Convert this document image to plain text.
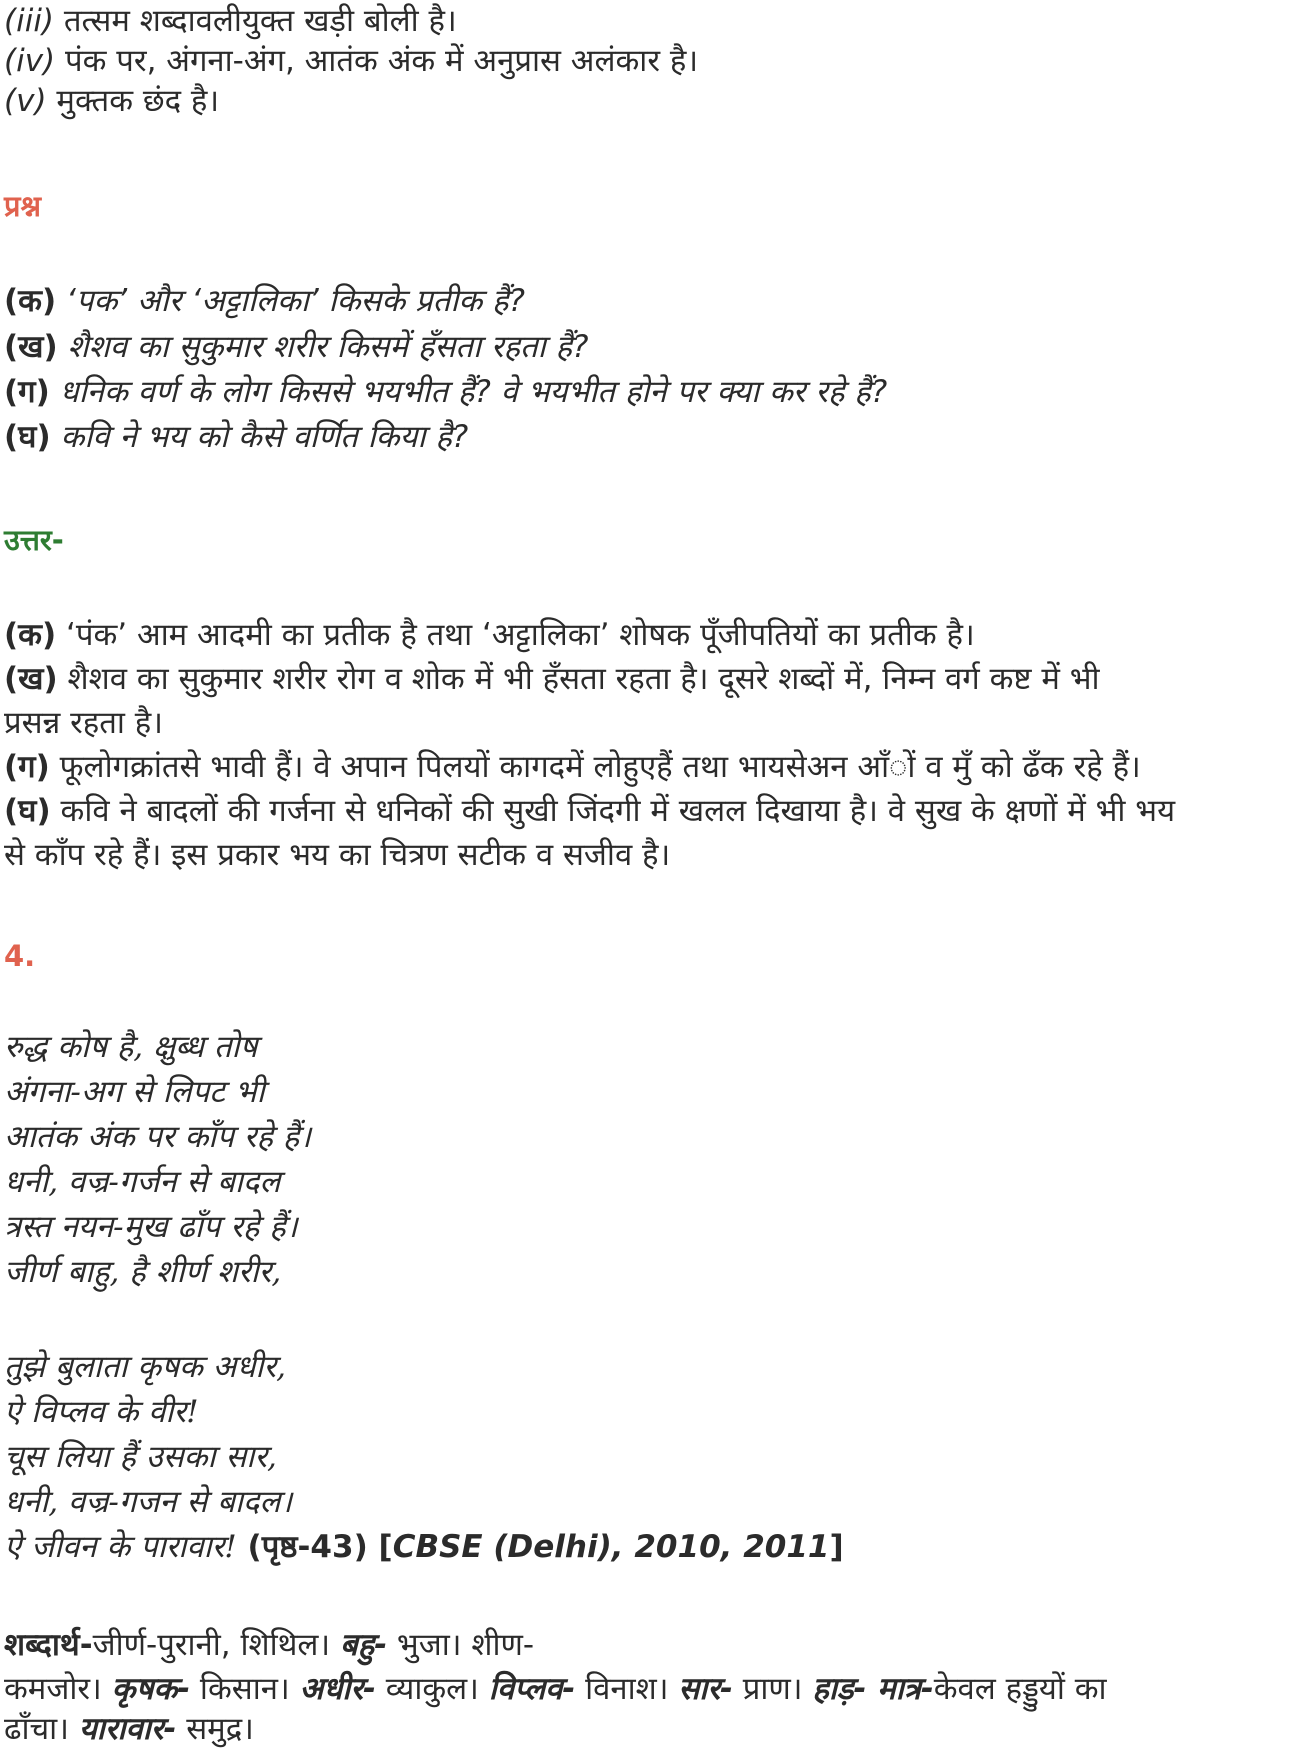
(iii) तत्सम शब्दावलीयुक्त खड़ी बोली है।
(iv) पंक पर, अंगना-अंग, आतंक अंक में अनुप्रास अलंकार है।
(v) मुक्तक छंद है।
प्रश्न
(क) ‘पक’ और ‘अट्टालिका’ किसके प्रतीक हैं?
(ख) शैशव का सुकुमार शरीर किसमें हँसता रहता हैं?
(ग) धनिक वर्ण के लोग किससे भयभीत हैं? वे भयभीत होने पर क्या कर रहे हैं?
(घ) कवि ने भय को कैसे वर्णित किया है?
उत्तर-
(क) ‘पंक’ आम आदमी का प्रतीक है तथा ‘अट्टालिका’ शोषक पूँजीपतियों का प्रतीक है।
(ख) शैशव का सुकुमार शरीर रोग व शोक में भी हँसता रहता है। दूसरे शब्दों में, निम्न वर्ग कष्ट में भी
प्रसन्न रहता है।
(ग) फूलोगक्रांतसे भावी हैं। वे अपान पिलयों कागदमें लोहुएहैं तथा भायसेअन आँों व मुँ को ढँक रहे हैं।
(घ) कवि ने बादलों की गर्जना से धनिकों की सुखी जिंदगी में खलल दिखाया है। वे सुख के क्षणों में भी भय
से काँप रहे हैं। इस प्रकार भय का चित्रण सटीक व सजीव है।
4.
रुद्ध कोष है, क्षुब्ध तोष
अंगना-अग से लिपट भी
आतंक अंक पर काँप रहे हैं।
धनी, वज्र-गर्जन से बादल
त्रस्त नयन-मुख ढाँप रहे हैं।
जीर्ण बाहु, है शीर्ण शरीर,
तुझे बुलाता कृषक अधीर,
ऐ विप्लव के वीर!
चूस लिया हैं उसका सार,
धनी, वज्र-गजन से बादल।
ऐ जीवन के पारावार! (पृष्ठ-43) [CBSE (Delhi), 2010, 2011]
शब्दार्थ-जीर्ण-पुरानी, शिथिल। बहु- भुजा। शीण-
कमजोर। कृषक- किसान। अधीर- व्याकुल। विप्लव- विनाश। सार- प्राण। हाड़- मात्र-केवल हड्डुयों का
ढाँचा। यारावार- समुद्र।
